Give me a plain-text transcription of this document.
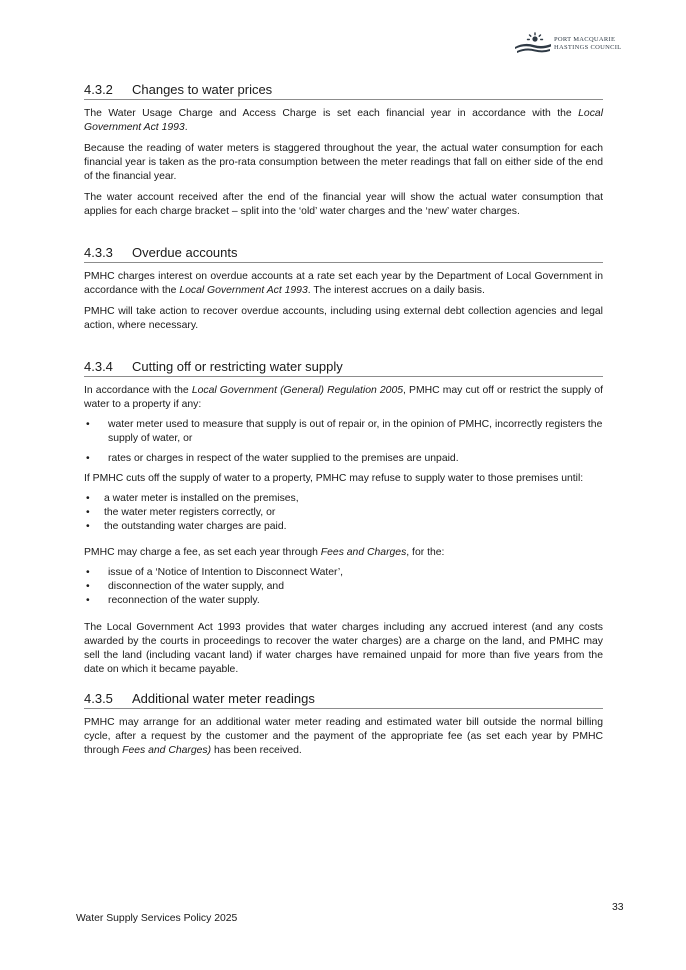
PORT MACQUARIE
HASTINGS COUNCIL
4.3.2 Changes to water prices

The Water Usage Charge and Access Charge is set each financial year in accordance with the Local Government Act 1993.

Because the reading of water meters is staggered throughout the year, the actual water consumption for each financial year is taken as the pro-rata consumption between the meter readings that fall on either side of the end of the financial year.

The water account received after the end of the financial year will show the actual water consumption that applies for each charge bracket – split into the ‘old’ water charges and the ‘new’ water charges.

4.3.3 Overdue accounts

PMHC charges interest on overdue accounts at a rate set each year by the Department of Local Government in accordance with the Local Government Act 1993. The interest accrues on a daily basis.

PMHC will take action to recover overdue accounts, including using external debt collection agencies and legal action, where necessary.

4.3.4 Cutting off or restricting water supply

In accordance with the Local Government (General) Regulation 2005, PMHC may cut off or restrict the supply of water to a property if any:

• water meter used to measure that supply is out of repair or, in the opinion of PMHC, incorrectly registers the supply of water, or
• rates or charges in respect of the water supplied to the premises are unpaid.

If PMHC cuts off the supply of water to a property, PMHC may refuse to supply water to those premises until:

• a water meter is installed on the premises,
• the water meter registers correctly, or
• the outstanding water charges are paid.

PMHC may charge a fee, as set each year through Fees and Charges, for the:

• issue of a ‘Notice of Intention to Disconnect Water’,
• disconnection of the water supply, and
• reconnection of the water supply.

The Local Government Act 1993 provides that water charges including any accrued interest (and any costs awarded by the courts in proceedings to recover the water charges) are a charge on the land, and PMHC may sell the land (including vacant land) if water charges have remained unpaid for more than five years from the date on which it became payable.

4.3.5 Additional water meter readings

PMHC may arrange for an additional water meter reading and estimated water bill outside the normal billing cycle, after a request by the customer and the payment of the appropriate fee (as set each year by PMHC through Fees and Charges) has been received.

33
Water Supply Services Policy 2025
